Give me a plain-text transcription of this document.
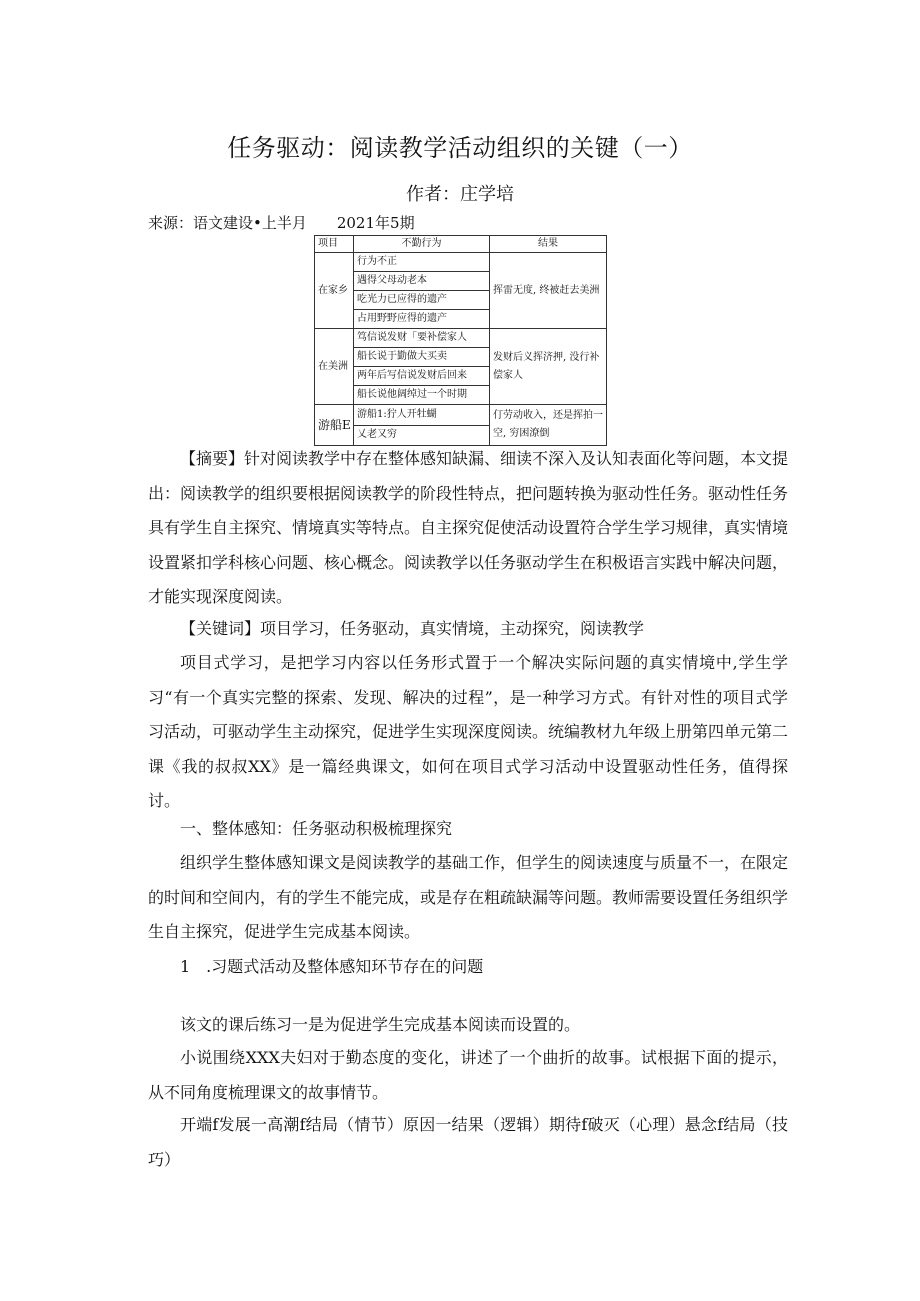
任务驱动：阅读教学活动组织的关键（一）
作者：庄学培
来源：语文建设•上半月　　2021年5期
项目	不勤行为	结果
在家乡	行为不正	挥雷无度, 终被赶去美洲
	遇得父母动老本	
	吃光力已应得的遗产	
	占用野野应得的遗产	
在美洲	笃信说发财「要补偿家人	发财后义挥济押, 没行补偿家人
	船长说于勤做大买卖	
	两年后写信说发财后回来	
	船长说他阔绰过一个时期	
游船E	游船1:狞人开牡蝴	仃劳动收入，还是挥拍一空, 穷困潦倒
	乂老又穷	

【摘要】针对阅读教学中存在整体感知缺漏、细读不深入及认知表面化等问题，本文提出：阅读教学的组织要根据阅读教学的阶段性特点，把问题转换为驱动性任务。驱动性任务具有学生自主探究、情境真实等特点。自主探究促使活动设置符合学生学习规律，真实情境设置紧扣学科核心问题、核心概念。阅读教学以任务驱动学生在积极语言实践中解决问题，才能实现深度阅读。

【关键词】项目学习，任务驱动，真实情境，主动探究，阅读教学

项目式学习，是把学习内容以任务形式置于一个解决实际问题的真实情境中,学生学习“有一个真实完整的探索、发现、解决的过程”，是一种学习方式。有针对性的项目式学习活动，可驱动学生主动探究，促进学生实现深度阅读。统编教材九年级上册第四单元第二课《我的叔叔XX》是一篇经典课文，如何在项目式学习活动中设置驱动性任务，值得探讨。

一、整体感知：任务驱动积极梳理探究

组织学生整体感知课文是阅读教学的基础工作，但学生的阅读速度与质量不一，在限定的时间和空间内，有的学生不能完成，或是存在粗疏缺漏等问题。教师需要设置任务组织学生自主探究，促进学生完成基本阅读。

1　.习题式活动及整体感知环节存在的问题

该文的课后练习一是为促进学生完成基本阅读而设置的。

小说围绕XXX夫妇对于勤态度的变化，讲述了一个曲折的故事。试根据下面的提示，从不同角度梳理课文的故事情节。

开端f发展一高潮f结局（情节）原因一结果（逻辑）期待f破灭（心理）悬念f结局（技巧）
